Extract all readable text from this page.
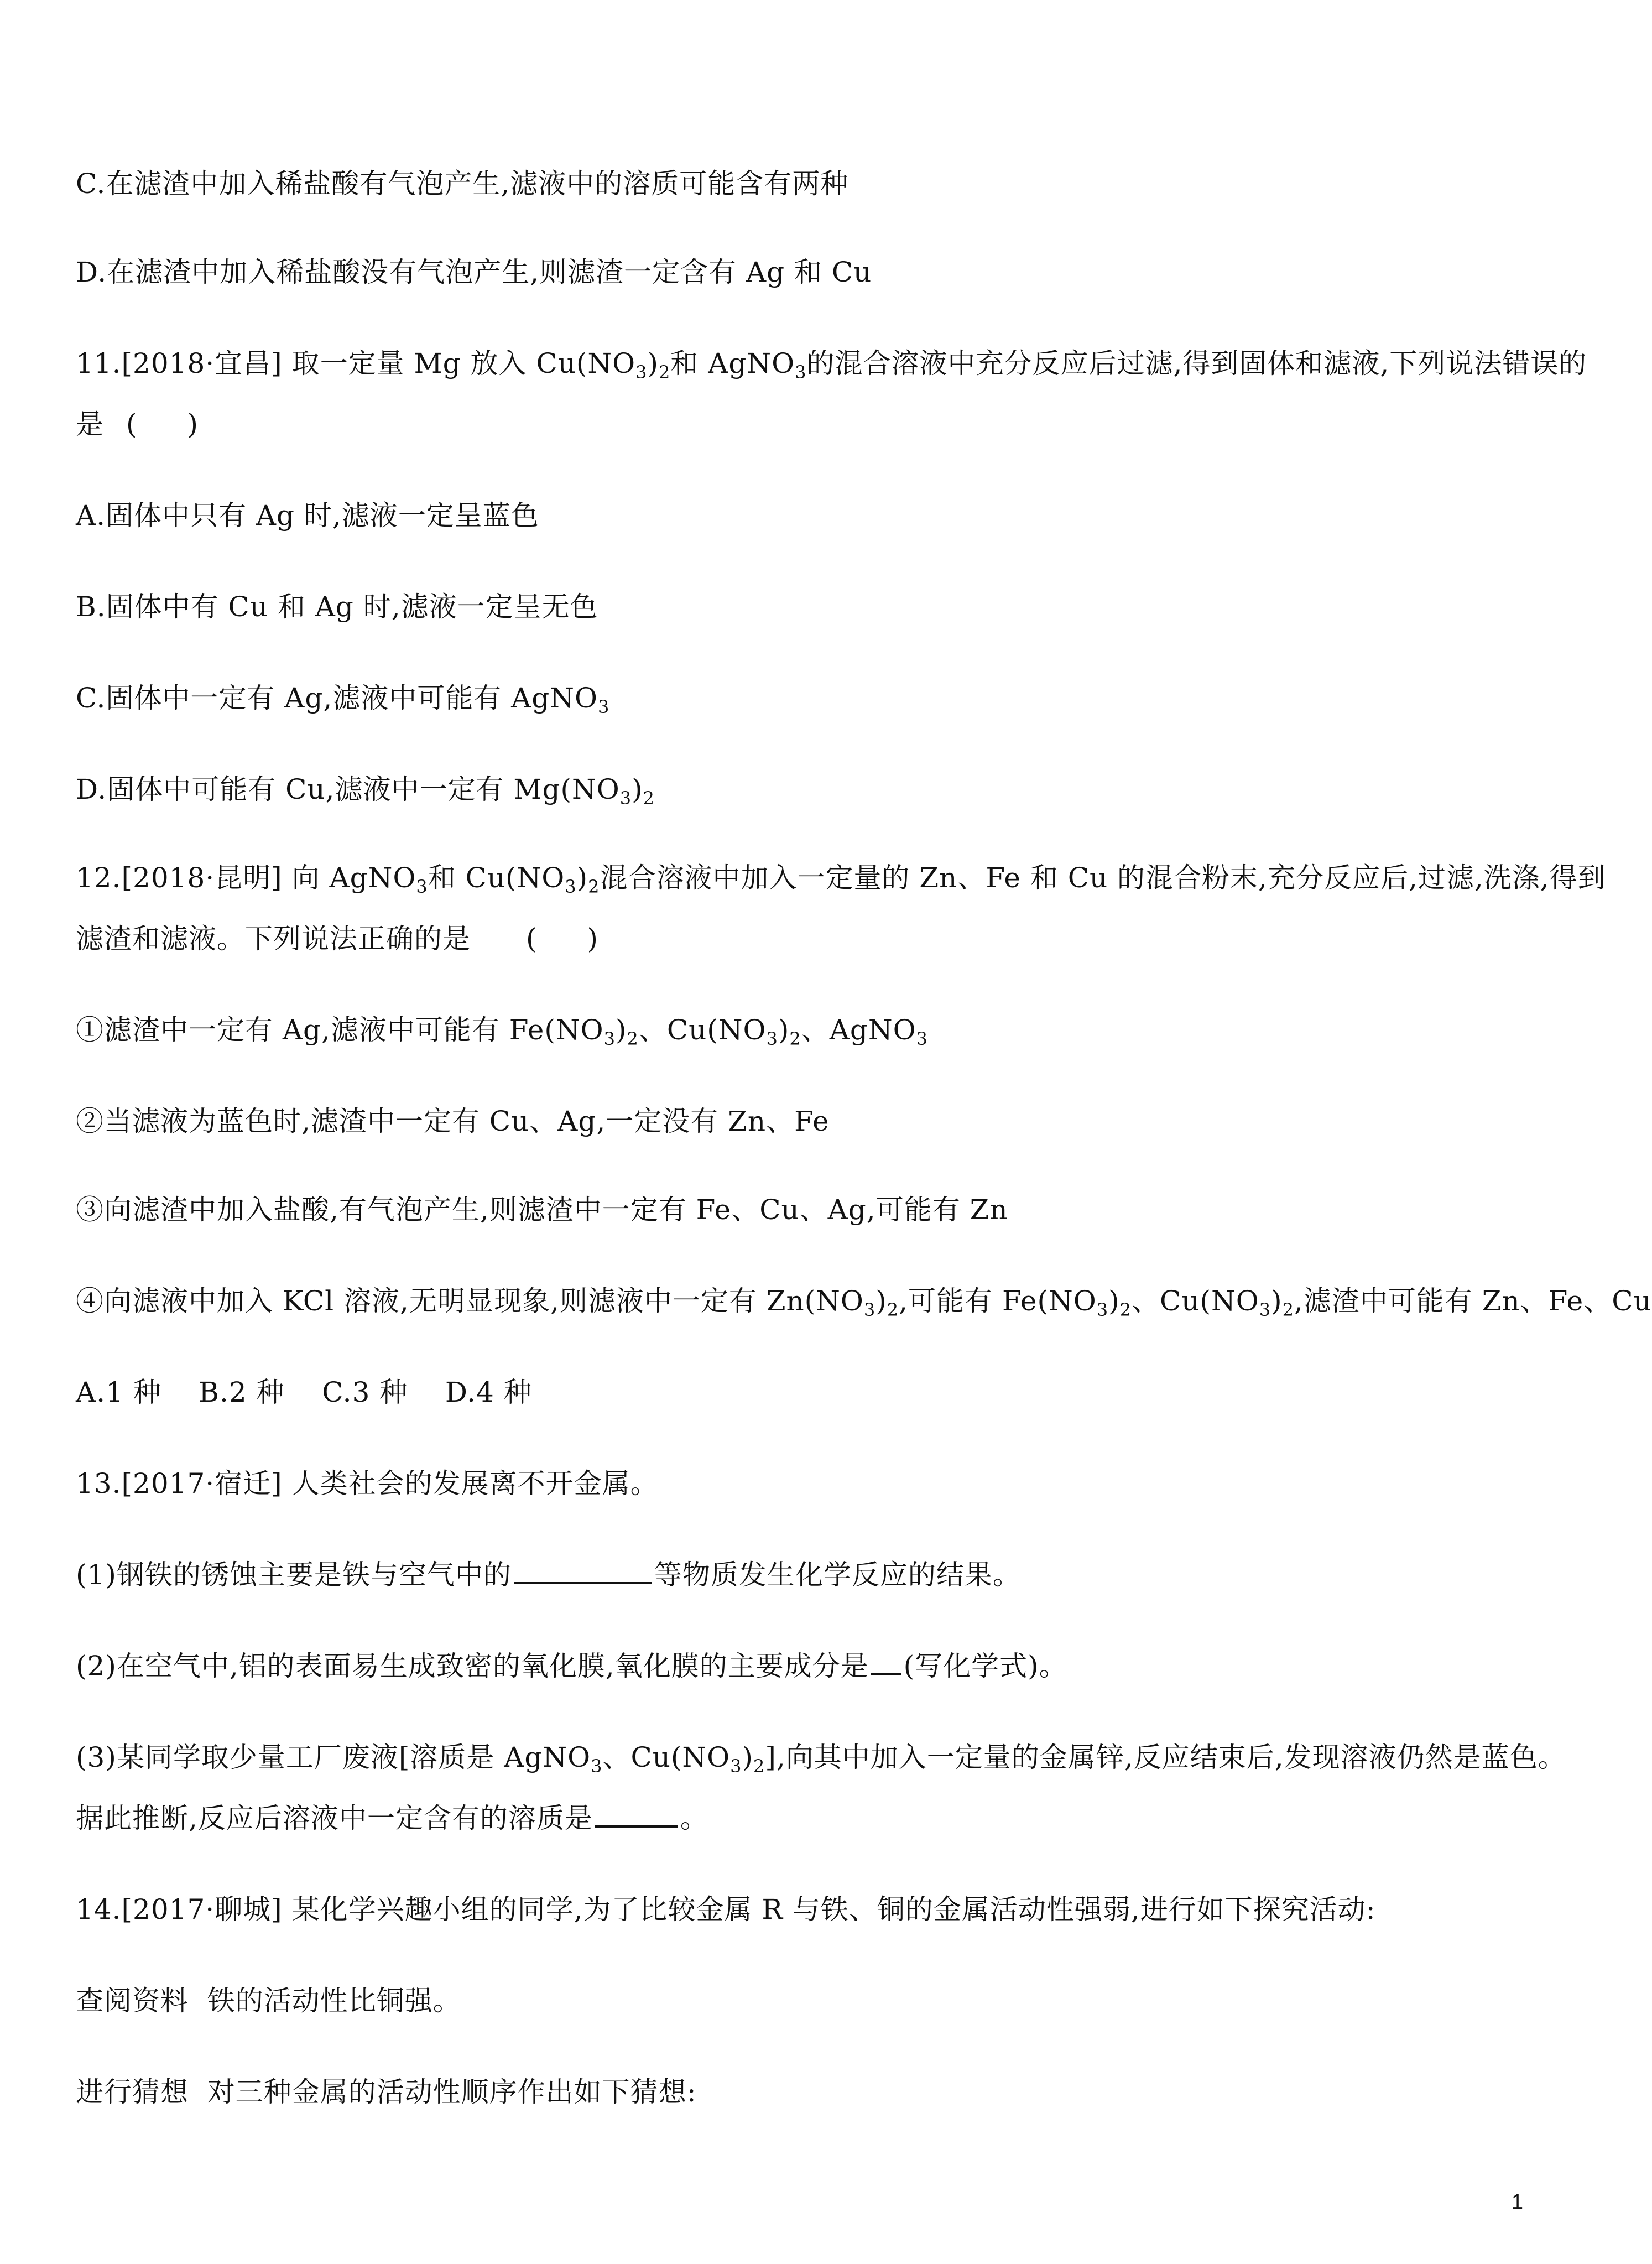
C.在滤渣中加入稀盐酸有气泡产生,滤液中的溶质可能含有两种
D.在滤渣中加入稀盐酸没有气泡产生,则滤渣一定含有 Ag 和 Cu
11.[2018·宜昌] 取一定量 Mg 放入 $Cu(NO_3)_2$和 AgNO$_3$的混合溶液中充分反应后过滤,得到固体和滤液,下列说法错误的
是 ( )
A.固体中只有 Ag 时,滤液一定呈蓝色
B.固体中有 Cu 和 Ag 时,滤液一定呈无色
C.固体中一定有 Ag,滤液中可能有 AgNO$_3$
D.固体中可能有 Cu,滤液中一定有 $Mg(NO_3)_2$
12.[2018·昆明] 向 AgNO$_3$和 $Cu(NO_3)_2$混合溶液中加入一定量的 Zn、Fe 和 Cu 的混合粉末,充分反应后,过滤,洗涤,得到
滤渣和滤液。下列说法正确的是 ( )
①滤渣中一定有 Ag,滤液中可能有 $Fe(NO_3)_2$、$Cu(NO_3)_2$、AgNO$_3$
②当滤液为蓝色时,滤渣中一定有 Cu、Ag,一定没有 Zn、Fe
③向滤渣中加入盐酸,有气泡产生,则滤渣中一定有 Fe、Cu、Ag,可能有 Zn
④向滤液中加入 KCl 溶液,无明显现象,则滤液中一定有 $Zn(NO_3)_2$,可能有 $Fe(NO_3)_2$、$Cu(NO_3)_2$,滤渣中可能有 Zn、Fe、Cu
A.1 种    B.2 种    C.3 种    D.4 种
13.[2017·宿迁] 人类社会的发展离不开金属。
(1)钢铁的锈蚀主要是铁与空气中的	等物质发生化学反应的结果。
(2)在空气中,铝的表面易生成致密的氧化膜,氧化膜的主要成分是 (写化学式)。
(3)某同学取少量工厂废液[溶质是 AgNO$_3$、$Cu(NO_3)_2$],向其中加入一定量的金属锌,反应结束后,发现溶液仍然是蓝色。
据此推断,反应后溶液中一定含有的溶质是	。
14.[2017·聊城] 某化学兴趣小组的同学,为了比较金属 R 与铁、铜的金属活动性强弱,进行如下探究活动:
查阅资料  铁的活动性比铜强。
进行猜想  对三种金属的活动性顺序作出如下猜想:
1
